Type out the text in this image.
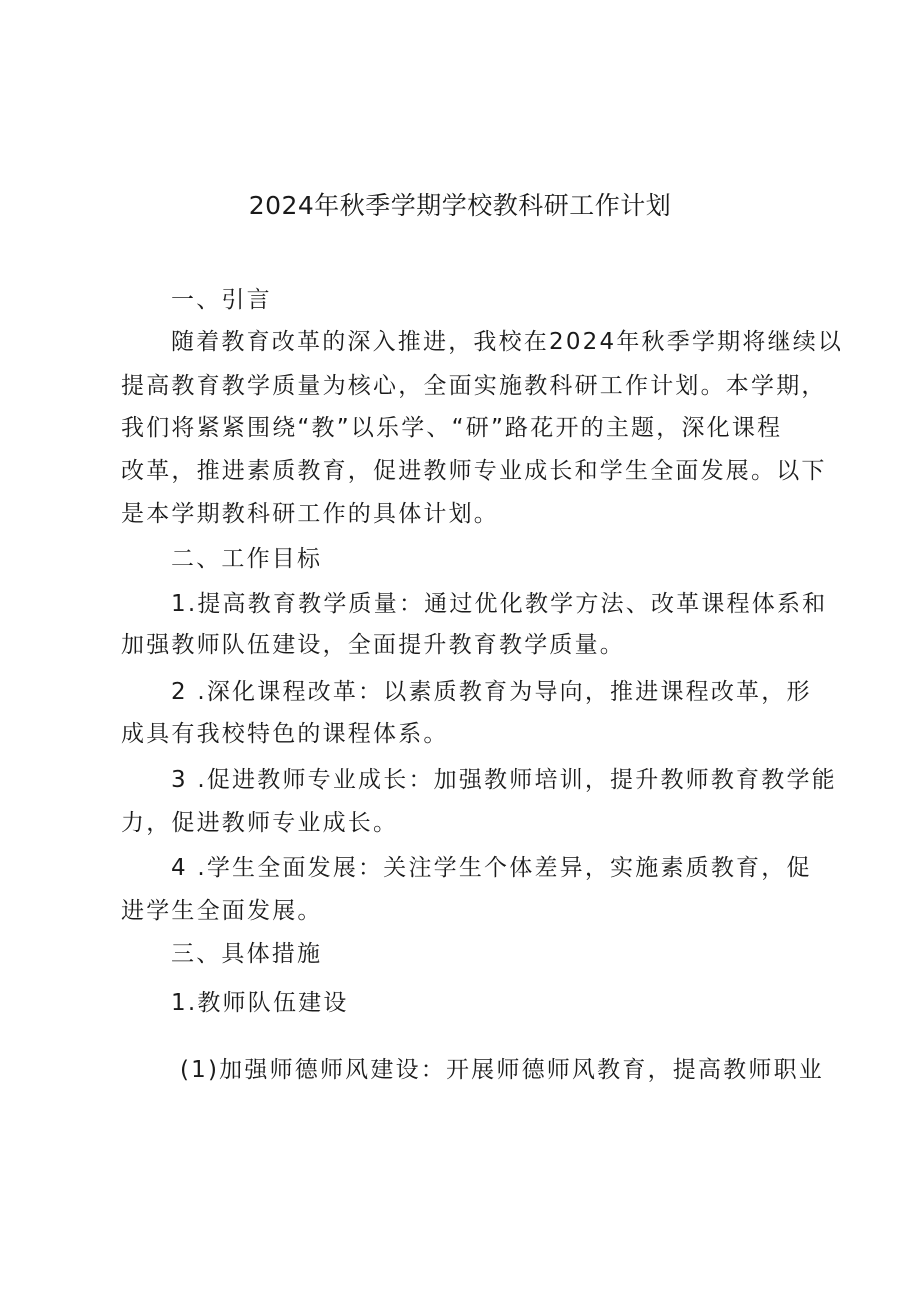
2024年秋季学期学校教科研工作计划
一、引言
随着教育改革的深入推进，我校在2024年秋季学期将继续以
提高教育教学质量为核心，全面实施教科研工作计划。本学期，
我们将紧紧围绕“教”以乐学、“研”路花开的主题，深化课程
改革，推进素质教育，促进教师专业成长和学生全面发展。以下
是本学期教科研工作的具体计划。
二、工作目标
1.提高教育教学质量：通过优化教学方法、改革课程体系和
加强教师队伍建设，全面提升教育教学质量。
2 .深化课程改革：以素质教育为导向，推进课程改革，形
成具有我校特色的课程体系。
3 .促进教师专业成长：加强教师培训，提升教师教育教学能
力，促进教师专业成长。
4 .学生全面发展：关注学生个体差异，实施素质教育，促
进学生全面发展。
三、具体措施
1.教师队伍建设
(1)加强师德师风建设：开展师德师风教育，提高教师职业
